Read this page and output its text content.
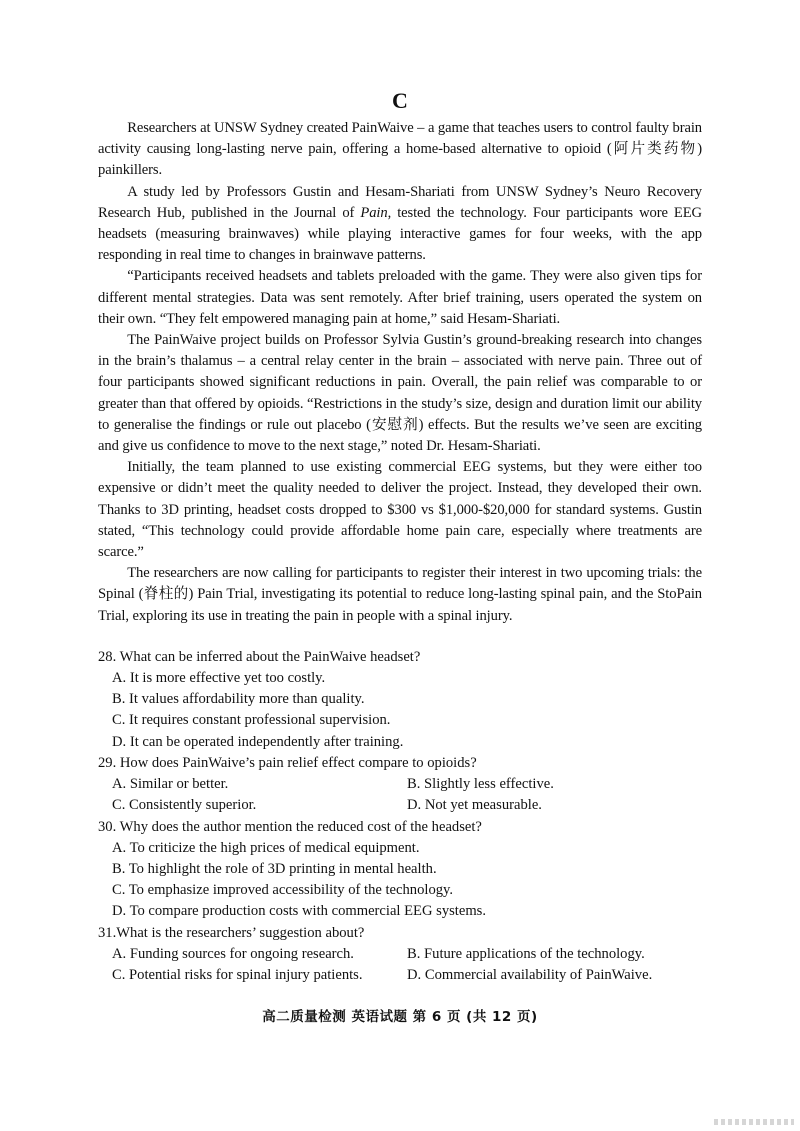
C

Researchers at UNSW Sydney created PainWaive – a game that teaches users to control faulty brain activity causing long-lasting nerve pain, offering a home-based alternative to opioid (阿片类药物) painkillers.

A study led by Professors Gustin and Hesam-Shariati from UNSW Sydney’s Neuro Recovery Research Hub, published in the Journal of Pain, tested the technology. Four participants wore EEG headsets (measuring brainwaves) while playing interactive games for four weeks, with the app responding in real time to changes in brainwave patterns.

“Participants received headsets and tablets preloaded with the game. They were also given tips for different mental strategies. Data was sent remotely. After brief training, users operated the system on their own. “They felt empowered managing pain at home,” said Hesam-Shariati.

The PainWaive project builds on Professor Sylvia Gustin’s ground-breaking research into changes in the brain’s thalamus – a central relay center in the brain – associated with nerve pain. Three out of four participants showed significant reductions in pain. Overall, the pain relief was comparable to or greater than that offered by opioids. “Restrictions in the study’s size, design and duration limit our ability to generalise the findings or rule out placebo (安慰剂) effects. But the results we’ve seen are exciting and give us confidence to move to the next stage,” noted Dr. Hesam-Shariati.

Initially, the team planned to use existing commercial EEG systems, but they were either too expensive or didn’t meet the quality needed to deliver the project. Instead, they developed their own. Thanks to 3D printing, headset costs dropped to $300 vs $1,000-$20,000 for standard systems. Gustin stated, “This technology could provide affordable home pain care, especially where treatments are scarce.”

The researchers are now calling for participants to register their interest in two upcoming trials: the Spinal (脊柱的) Pain Trial, investigating its potential to reduce long-lasting spinal pain, and the StoPain Trial, exploring its use in treating the pain in people with a spinal injury.

28. What can be inferred about the PainWaive headset?

A. It is more effective yet too costly.

B. It values affordability more than quality.

C. It requires constant professional supervision.

D. It can be operated independently after training.

29. How does PainWaive’s pain relief effect compare to opioids?

A. Similar or better.	B. Slightly less effective.
C. Consistently superior.	D. Not yet measurable.

30. Why does the author mention the reduced cost of the headset?

A. To criticize the high prices of medical equipment.

B. To highlight the role of 3D printing in mental health.

C. To emphasize improved accessibility of the technology.

D. To compare production costs with commercial EEG systems.

31.What is the researchers’ suggestion about?

A. Funding sources for ongoing research.	B. Future applications of the technology.
C. Potential risks for spinal injury patients.	D. Commercial availability of PainWaive.
高二质量检测 英语试题 第 6 页 (共 12 页)
